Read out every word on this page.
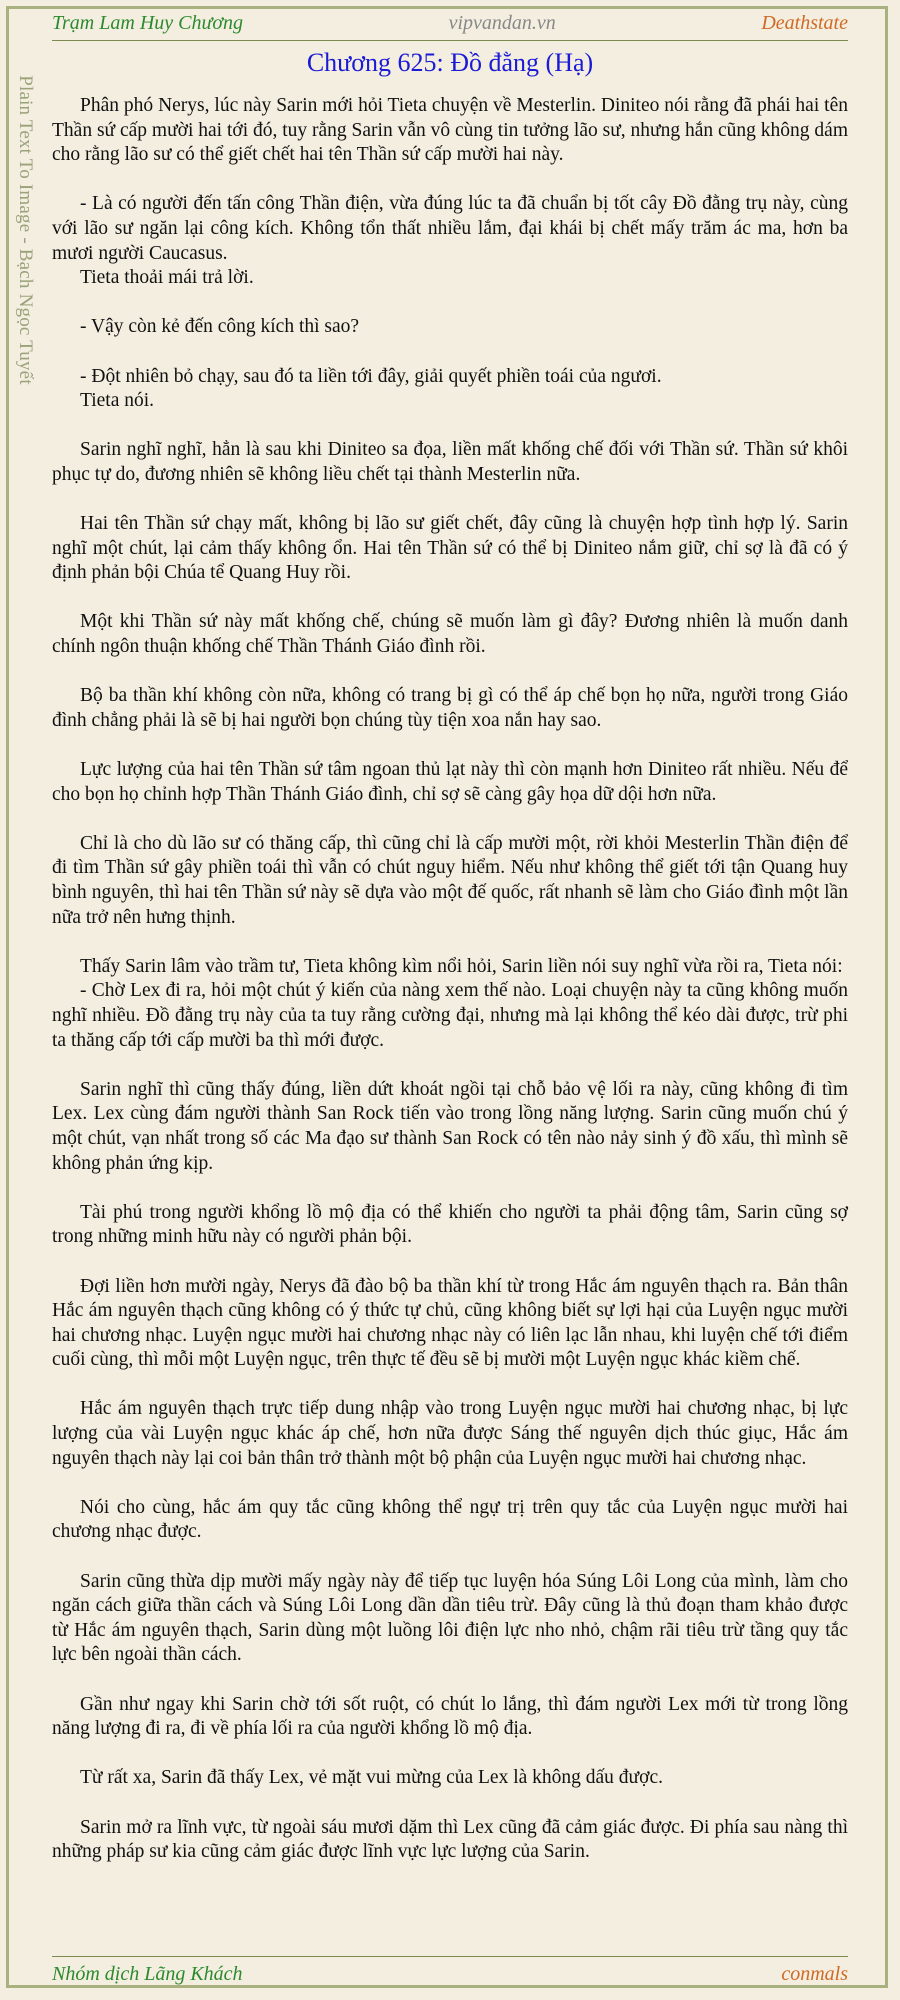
Plain Text To Image - Bạch Ngọc Tuyết
Trạm Lam Huy Chương	vipvandan.vn	Deathstate
Chương 625: Đồ đằng (Hạ)

Phân phó Nerys, lúc này Sarin mới hỏi Tieta chuyện về Mesterlin. Diniteo nói rằng đã phái hai tên Thần sứ cấp mười hai tới đó, tuy rằng Sarin vẫn vô cùng tin tưởng lão sư, nhưng hắn cũng không dám cho rằng lão sư có thể giết chết hai tên Thần sứ cấp mười hai này.

- Là có người đến tấn công Thần điện, vừa đúng lúc ta đã chuẩn bị tốt cây Đồ đằng trụ này, cùng với lão sư ngăn lại công kích. Không tổn thất nhiều lắm, đại khái bị chết mấy trăm ác ma, hơn ba mươi người Caucasus.

Tieta thoải mái trả lời.

- Vậy còn kẻ đến công kích thì sao?

- Đột nhiên bỏ chạy, sau đó ta liền tới đây, giải quyết phiền toái của ngươi.

Tieta nói.

Sarin nghĩ nghĩ, hẳn là sau khi Diniteo sa đọa, liền mất khống chế đối với Thần sứ. Thần sứ khôi phục tự do, đương nhiên sẽ không liều chết tại thành Mesterlin nữa.

Hai tên Thần sứ chạy mất, không bị lão sư giết chết, đây cũng là chuyện hợp tình hợp lý. Sarin nghĩ một chút, lại cảm thấy không ổn. Hai tên Thần sứ có thể bị Diniteo nắm giữ, chỉ sợ là đã có ý định phản bội Chúa tể Quang Huy rồi.

Một khi Thần sứ này mất khống chế, chúng sẽ muốn làm gì đây? Đương nhiên là muốn danh chính ngôn thuận khống chế Thần Thánh Giáo đình rồi.

Bộ ba thần khí không còn nữa, không có trang bị gì có thể áp chế bọn họ nữa, người trong Giáo đình chẳng phải là sẽ bị hai người bọn chúng tùy tiện xoa nắn hay sao.

Lực lượng của hai tên Thần sứ tâm ngoan thủ lạt này thì còn mạnh hơn Diniteo rất nhiều. Nếu để cho bọn họ chỉnh hợp Thần Thánh Giáo đình, chỉ sợ sẽ càng gây họa dữ dội hơn nữa.

Chỉ là cho dù lão sư có thăng cấp, thì cũng chỉ là cấp mười một, rời khỏi Mesterlin Thần điện để đi tìm Thần sứ gây phiền toái thì vẫn có chút nguy hiểm. Nếu như không thể giết tới tận Quang huy bình nguyên, thì hai tên Thần sứ này sẽ dựa vào một đế quốc, rất nhanh sẽ làm cho Giáo đình một lần nữa trở nên hưng thịnh.

Thấy Sarin lâm vào trầm tư, Tieta không kìm nổi hỏi, Sarin liền nói suy nghĩ vừa rồi ra, Tieta nói:

- Chờ Lex đi ra, hỏi một chút ý kiến của nàng xem thế nào. Loại chuyện này ta cũng không muốn nghĩ nhiều. Đồ đằng trụ này của ta tuy rằng cường đại, nhưng mà lại không thể kéo dài được, trừ phi ta thăng cấp tới cấp mười ba thì mới được.

Sarin nghĩ thì cũng thấy đúng, liền dứt khoát ngồi tại chỗ bảo vệ lối ra này, cũng không đi tìm Lex. Lex cùng đám người thành San Rock tiến vào trong lồng năng lượng. Sarin cũng muốn chú ý một chút, vạn nhất trong số các Ma đạo sư thành San Rock có tên nào nảy sinh ý đồ xấu, thì mình sẽ không phản ứng kịp.

Tài phú trong người khổng lồ mộ địa có thể khiến cho người ta phải động tâm, Sarin cũng sợ trong những minh hữu này có người phản bội.

Đợi liền hơn mười ngày, Nerys đã đào bộ ba thần khí từ trong Hắc ám nguyên thạch ra. Bản thân Hắc ám nguyên thạch cũng không có ý thức tự chủ, cũng không biết sự lợi hại của Luyện ngục mười hai chương nhạc. Luyện ngục mười hai chương nhạc này có liên lạc lẫn nhau, khi luyện chế tới điểm cuối cùng, thì mỗi một Luyện ngục, trên thực tế đều sẽ bị mười một Luyện ngục khác kiềm chế.

Hắc ám nguyên thạch trực tiếp dung nhập vào trong Luyện ngục mười hai chương nhạc, bị lực lượng của vài Luyện ngục khác áp chế, hơn nữa được Sáng thế nguyên dịch thúc giục, Hắc ám nguyên thạch này lại coi bản thân trở thành một bộ phận của Luyện ngục mười hai chương nhạc.

Nói cho cùng, hắc ám quy tắc cũng không thể ngự trị trên quy tắc của Luyện ngục mười hai chương nhạc được.

Sarin cũng thừa dịp mười mấy ngày này để tiếp tục luyện hóa Súng Lôi Long của mình, làm cho ngăn cách giữa thần cách và Súng Lôi Long dần dần tiêu trừ. Đây cũng là thủ đoạn tham khảo được từ Hắc ám nguyên thạch, Sarin dùng một luồng lôi điện lực nho nhỏ, chậm rãi tiêu trừ tầng quy tắc lực bên ngoài thần cách.

Gần như ngay khi Sarin chờ tới sốt ruột, có chút lo lắng, thì đám người Lex mới từ trong lồng năng lượng đi ra, đi về phía lối ra của người khổng lồ mộ địa.

Từ rất xa, Sarin đã thấy Lex, vẻ mặt vui mừng của Lex là không dấu được.

Sarin mở ra lĩnh vực, từ ngoài sáu mươi dặm thì Lex cũng đã cảm giác được. Đi phía sau nàng thì những pháp sư kia cũng cảm giác được lĩnh vực lực lượng của Sarin.

Nhóm dịch Lãng Khách	conmals
